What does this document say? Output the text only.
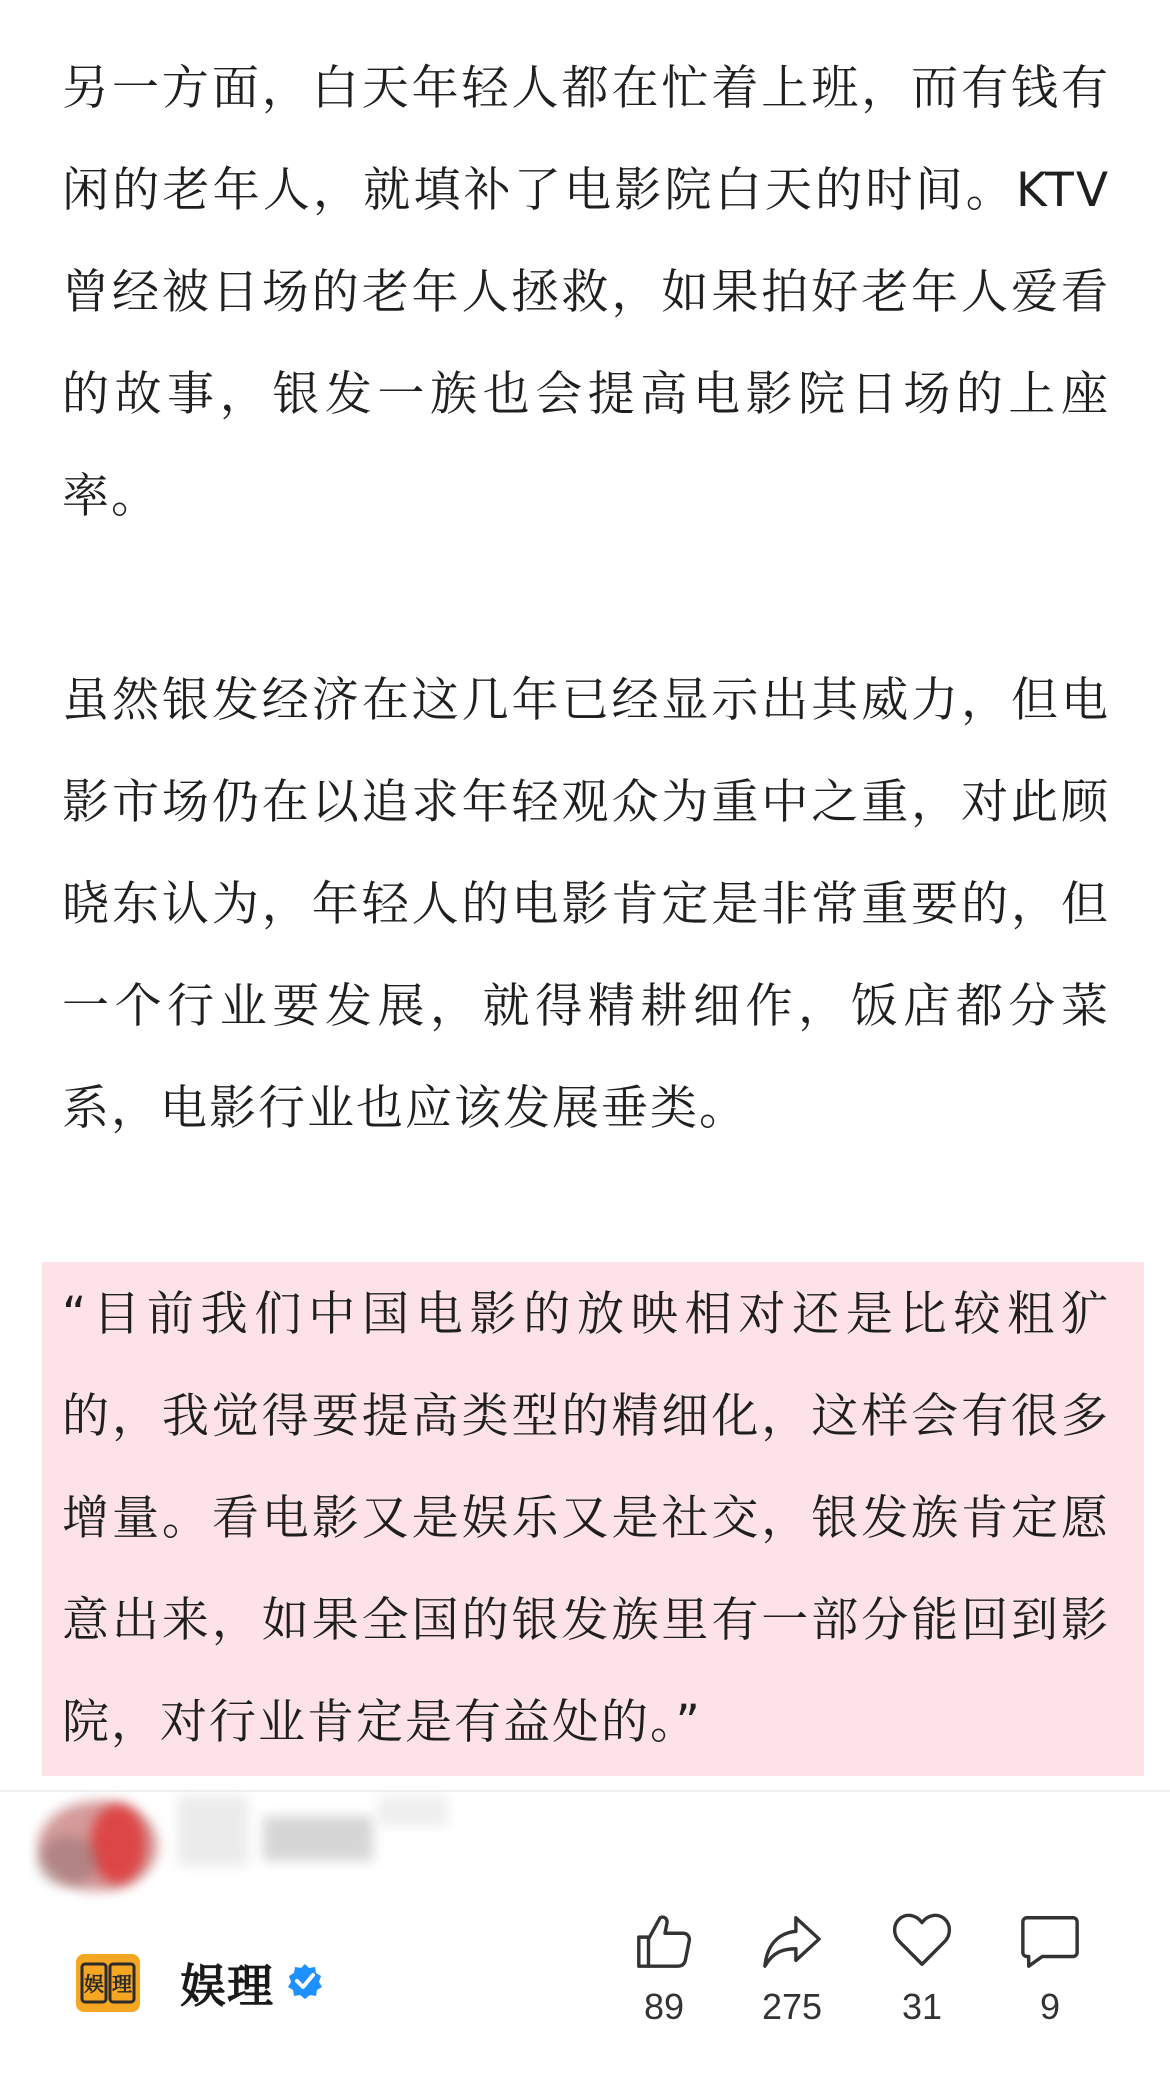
另一方面，白天年轻人都在忙着上班，而有钱有闲的老年人，就填补了电影院白天的时间。KTV曾经被日场的老年人拯救，如果拍好老年人爱看的故事，银发一族也会提高电影院日场的上座率。

虽然银发经济在这几年已经显示出其威力，但电影市场仍在以追求年轻观众为重中之重，对此顾晓东认为，年轻人的电影肯定是非常重要的，但一个行业要发展，就得精耕细作，饭店都分菜系，电影行业也应该发展垂类。

“目前我们中国电影的放映相对还是比较粗犷的，我觉得要提高类型的精细化，这样会有很多增量。看电影又是娱乐又是社交，银发族肯定愿意出来，如果全国的银发族里有一部分能回到影院，对行业肯定是有益处的。”

娱 理 娱理	89	275	31	9
